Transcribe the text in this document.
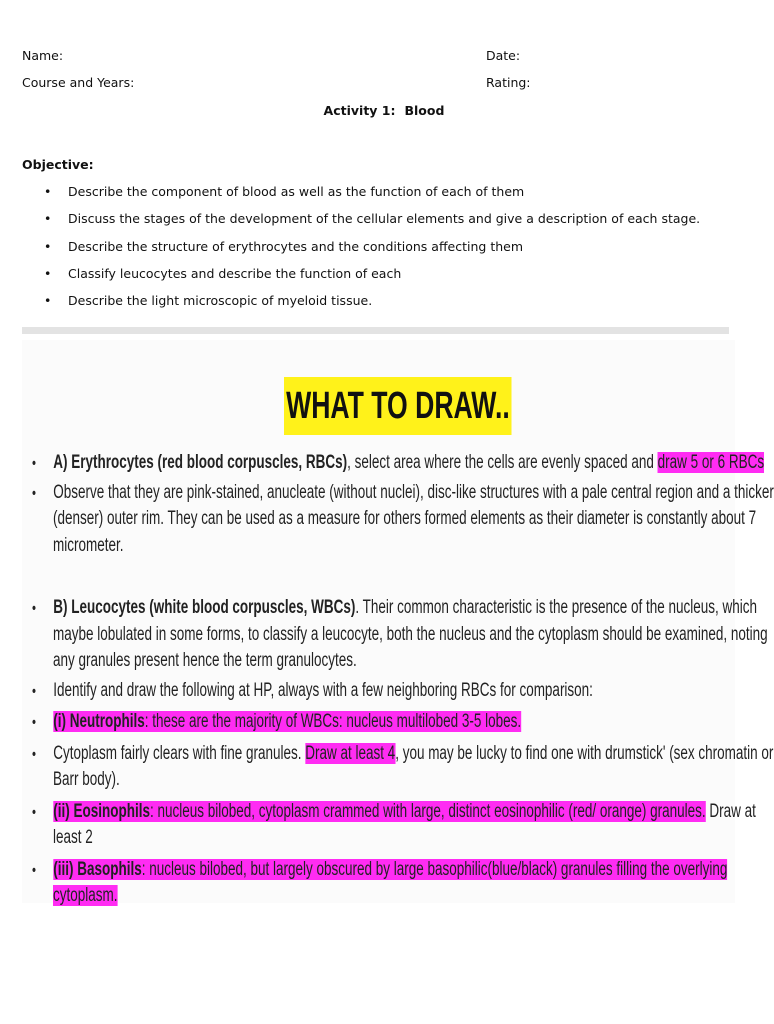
Name:	Date:
Course and Years:	Rating:
Activity 1: Blood
Objective:
• Describe the component of blood as well as the function of each of them
• Discuss the stages of the development of the cellular elements and give a description of each stage.
• Describe the structure of erythrocytes and the conditions affecting them
• Classify leucocytes and describe the function of each
• Describe the light microscopic of myeloid tissue.
WHAT TO DRAW..
• A) Erythrocytes (red blood corpuscles, RBCs), select area where the cells are evenly spaced and draw 5 or 6 RBCs
• Observe that they are pink-stained, anucleate (without nuclei), disc-like structures with a pale central region and a thicker
(denser) outer rim. They can be used as a measure for others formed elements as their diameter is constantly about 7
micrometer.
• B) Leucocytes (white blood corpuscles, WBCs). Their common characteristic is the presence of the nucleus, which
maybe lobulated in some forms, to classify a leucocyte, both the nucleus and the cytoplasm should be examined, noting
any granules present hence the term granulocytes.
• Identify and draw the following at HP, always with a few neighboring RBCs for comparison:
• (i) Neutrophils: these are the majority of WBCs: nucleus multilobed 3-5 lobes.
• Cytoplasm fairly clears with fine granules. Draw at least 4, you may be lucky to find one with drumstick' (sex chromatin or
Barr body).
• (ii) Eosinophils: nucleus bilobed, cytoplasm crammed with large, distinct eosinophilic (red/ orange) granules. Draw at
least 2
• (iii) Basophils: nucleus bilobed, but largely obscured by large basophilic(blue/black) granules filling the overlying
cytoplasm.
